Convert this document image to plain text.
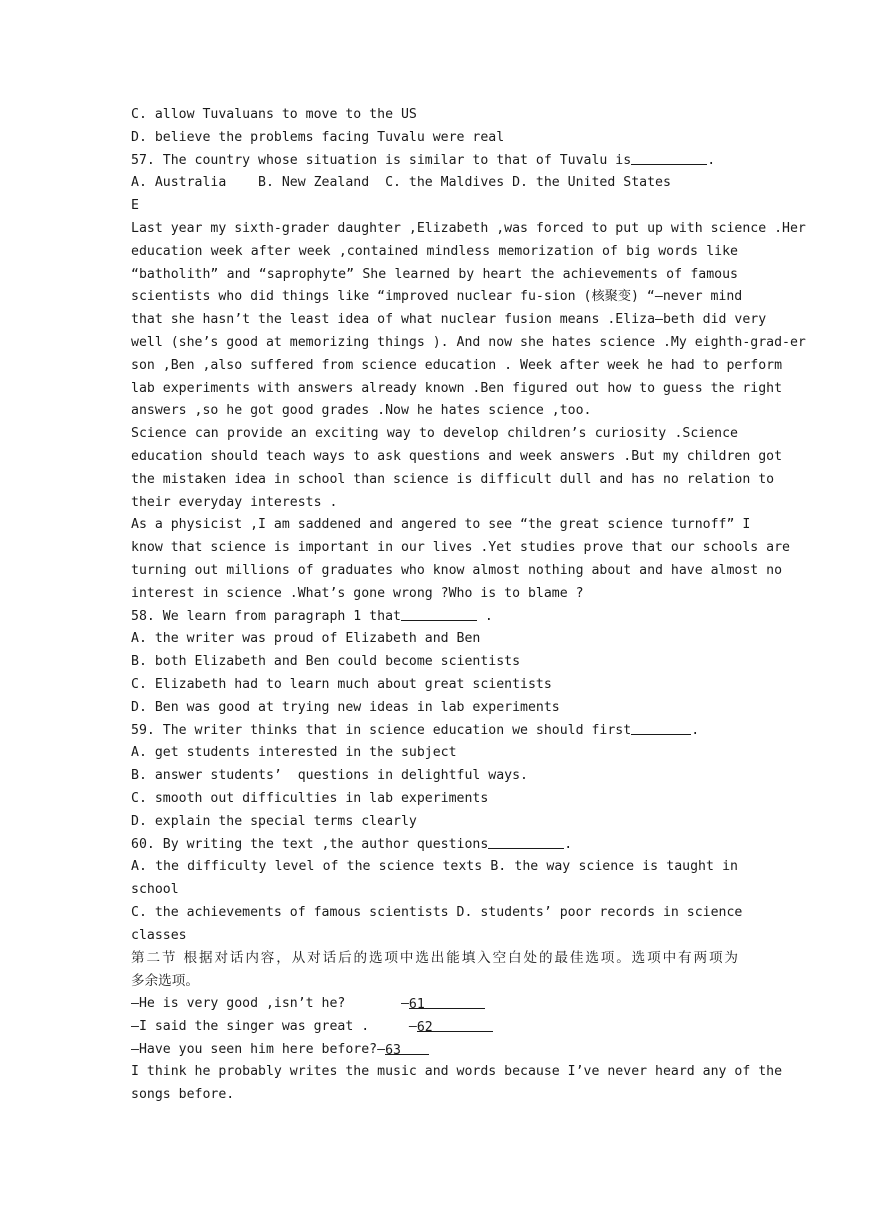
C. allow Tuvaluans to move to the US
D. believe the problems facing Tuvalu were real
57. The country whose situation is similar to that of Tuvalu is	.
A. Australia    B. New Zealand  C. the Maldives D. the United States
E
Last year my sixth-grader daughter ,Elizabeth ,was forced to put up with science .Her
education week after week ,contained mindless memorization of big words like
“batholith” and “saprophyte” She learned by heart the achievements of famous
scientists who did things like “improved nuclear fu-sion (核聚变) “—never mind
that she hasn’t the least idea of what nuclear fusion means .Eliza—beth did very
well (she’s good at memorizing things ). And now she hates science .My eighth-grad-er
son ,Ben ,also suffered from science education . Week after week he had to perform
lab experiments with answers already known .Ben figured out how to guess the right
answers ,so he got good grades .Now he hates science ,too.
Science can provide an exciting way to develop children’s curiosity .Science
education should teach ways to ask questions and week answers .But my children got
the mistaken idea in school than science is difficult dull and has no relation to
their everyday interests .
As a physicist ,I am saddened and angered to see “the great science turnoff” I
know that science is important in our lives .Yet studies prove that our schools are
turning out millions of graduates who know almost nothing about and have almost no
interest in science .What’s gone wrong ?Who is to blame ?
58. We learn from paragraph 1 that	.
A. the writer was proud of Elizabeth and Ben
B. both Elizabeth and Ben could become scientists
C. Elizabeth had to learn much about great scientists
D. Ben was good at trying new ideas in lab experiments
59. The writer thinks that in science education we should first	.
A. get students interested in the subject
B. answer students’  questions in delightful ways.
C. smooth out difficulties in lab experiments
D. explain the special terms clearly
60. By writing the text ,the author questions	.
A. the difficulty level of the science texts B. the way science is taught in
school
C. the achievements of famous scientists D. students’ poor records in science
classes
第二节 根据对话内容，从对话后的选项中选出能填入空白处的最佳选项。选项中有两项为
多余选项。
—He is very good ,isn’t he?       —61
—I said the singer was great .     —62
—Have you seen him here before?—63
I think he probably writes the music and words because I’ve never heard any of the
songs before.
